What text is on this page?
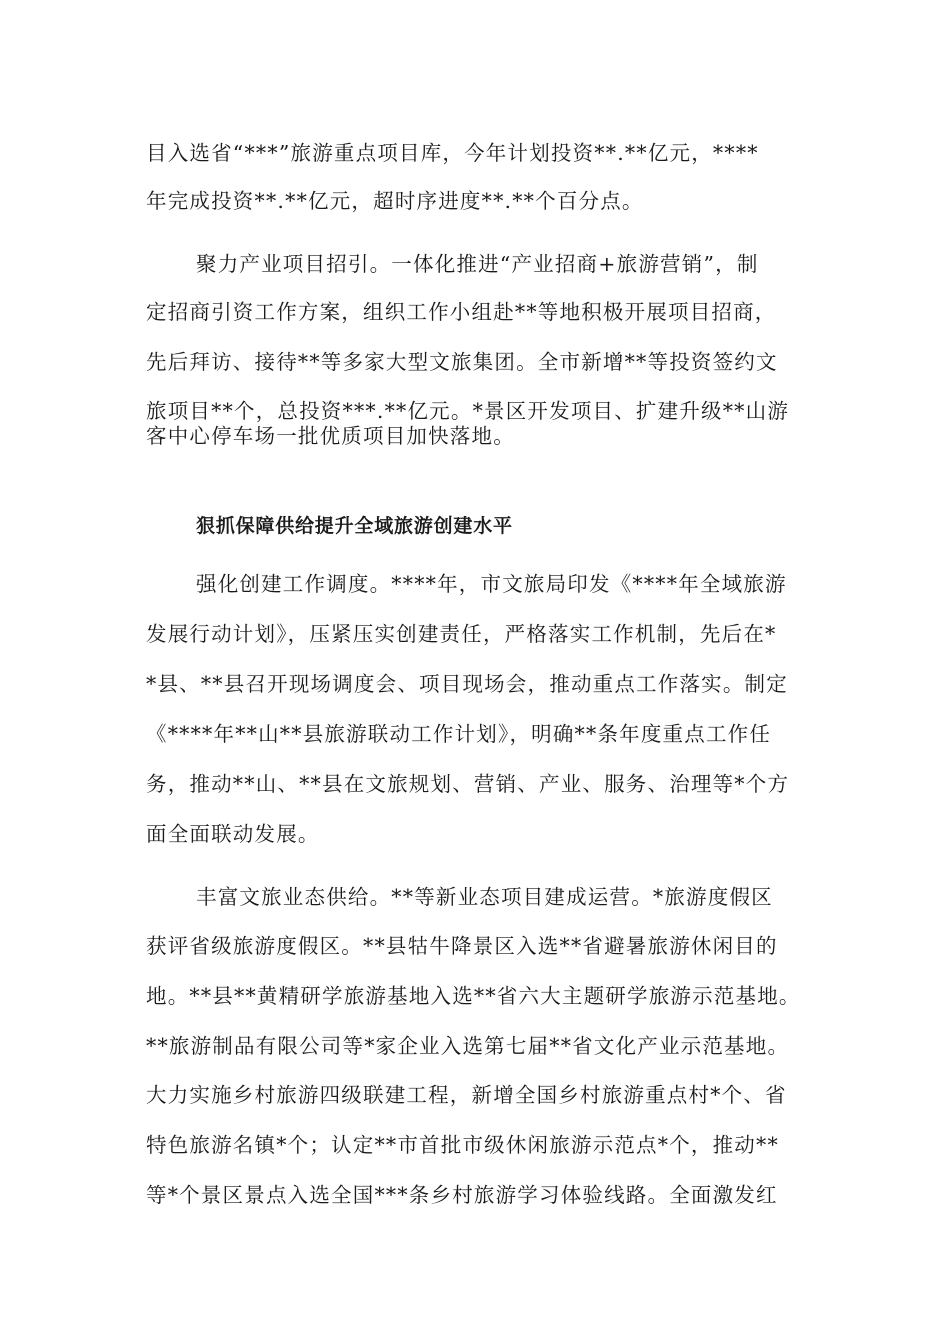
目入选省“***”旅游重点项目库，今年计划投资**.**亿元，****
年完成投资**.**亿元，超时序进度**.**个百分点。
聚力产业项目招引。一体化推进“产业招商+旅游营销”，制
定招商引资工作方案，组织工作小组赴**等地积极开展项目招商，
先后拜访、接待**等多家大型文旅集团。全市新增**等投资签约文
旅项目**个，总投资***.**亿元。*景区开发项目、扩建升级**山游
客中心停车场一批优质项目加快落地。
狠抓保障供给提升全域旅游创建水平
强化创建工作调度。****年，市文旅局印发《****年全域旅游
发展行动计划》，压紧压实创建责任，严格落实工作机制，先后在*
*县、**县召开现场调度会、项目现场会，推动重点工作落实。制定
《****年**山**县旅游联动工作计划》，明确**条年度重点工作任
务，推动**山、**县在文旅规划、营销、产业、服务、治理等*个方
面全面联动发展。
丰富文旅业态供给。**等新业态项目建成运营。*旅游度假区
获评省级旅游度假区。**县牯牛降景区入选**省避暑旅游休闲目的
地。**县**黄精研学旅游基地入选**省六大主题研学旅游示范基地。
**旅游制品有限公司等*家企业入选第七届**省文化产业示范基地。
大力实施乡村旅游四级联建工程，新增全国乡村旅游重点村*个、省
特色旅游名镇*个；认定**市首批市级休闲旅游示范点*个，推动**
等*个景区景点入选全国***条乡村旅游学习体验线路。全面激发红
